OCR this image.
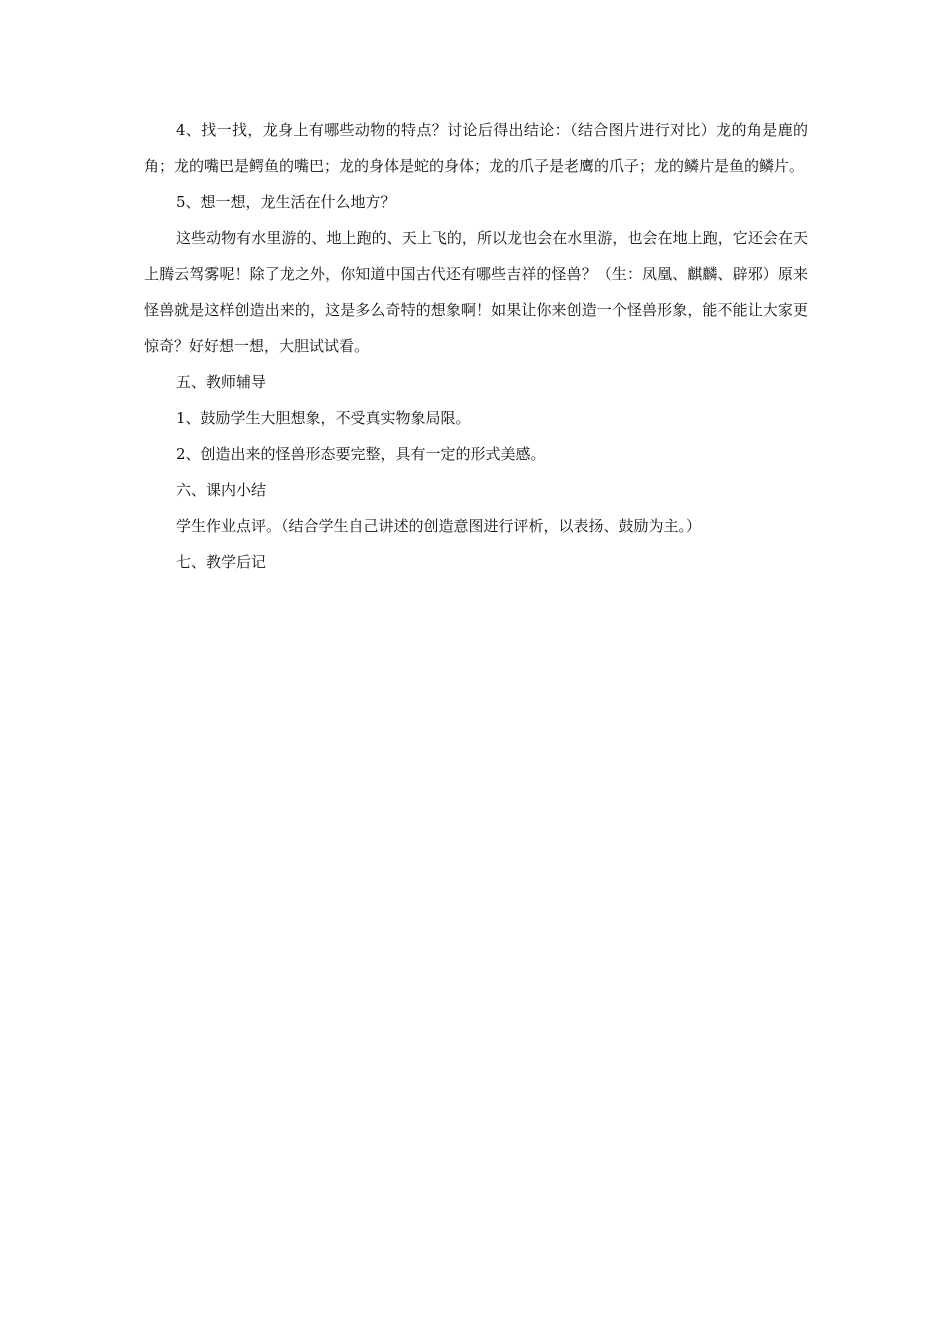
4、找一找，龙身上有哪些动物的特点？讨论后得出结论：（结合图片进行对比）龙的角是鹿的角；龙的嘴巴是鳄鱼的嘴巴；龙的身体是蛇的身体；龙的爪子是老鹰的爪子；龙的鳞片是鱼的鳞片。

5、想一想，龙生活在什么地方？

这些动物有水里游的、地上跑的、天上飞的，所以龙也会在水里游，也会在地上跑，它还会在天上腾云驾雾呢！除了龙之外，你知道中国古代还有哪些吉祥的怪兽？（生：凤凰、麒麟、辟邪）原来怪兽就是这样创造出来的，这是多么奇特的想象啊！如果让你来创造一个怪兽形象，能不能让大家更惊奇？好好想一想，大胆试试看。

五、教师辅导

1、鼓励学生大胆想象，不受真实物象局限。

2、创造出来的怪兽形态要完整，具有一定的形式美感。

六、课内小结

学生作业点评。（结合学生自己讲述的创造意图进行评析，以表扬、鼓励为主。）

七、教学后记
